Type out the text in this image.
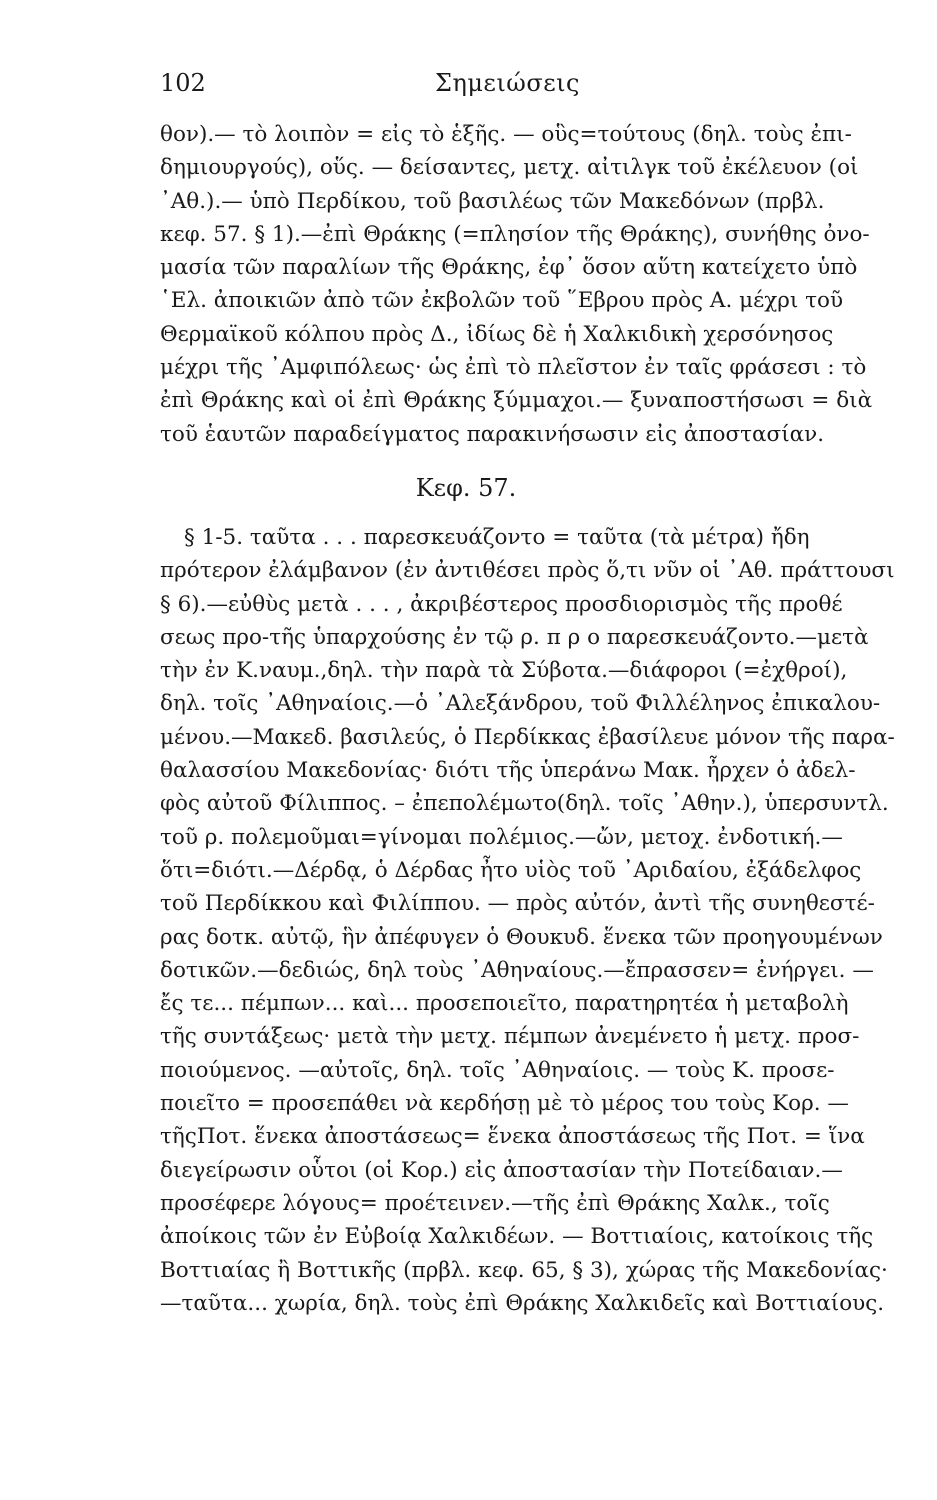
102	Σημειώσεις
θον).— τὸ λοιπὸν = εἰς τὸ ἑξῆς. — οὓς=τούτους (δηλ. τοὺς ἐπι-
δημιουργούς), οὕς. — δείσαντες, μετχ. αἰτιλγκ τοῦ ἐκέλευον (οἱ
᾿Αθ.).— ὑπὸ Περδίκου, τοῦ βασιλέως τῶν Μακεδόνων (πρβλ.
κεφ. 57. § 1).—ἐπὶ Θράκης (=πλησίον τῆς Θράκης), συνήθης ὀνο-
μασία τῶν παραλίων τῆς Θράκης, ἐφ᾿ ὅσον αὕτη κατείχετο ὑπὸ
῾Ελ. ἀποικιῶν ἀπὸ τῶν ἐκβολῶν τοῦ ῞Εβρου πρὸς Α. μέχρι τοῦ
Θερμαϊκοῦ κόλπου πρὸς Δ., ἰδίως δὲ ἡ Χαλκιδικὴ χερσόνησος
μέχρι τῆς ᾿Αμφιπόλεως· ὡς ἐπὶ τὸ πλεῖστον ἐν ταῖς φράσεσι : τὸ
ἐπὶ Θράκης καὶ οἱ ἐπὶ Θράκης ξύμμαχοι.— ξυναποστήσωσι = διὰ
τοῦ ἑαυτῶν παραδείγματος παρακινήσωσιν εἰς ἀποστασίαν.
Κεφ. 57.
§ 1-5. ταῦτα . . . παρεσκευάζοντο = ταῦτα (τὰ μέτρα) ἤδη
πρότερον ἐλάμβανον (ἐν ἀντιθέσει πρὸς ὅ,τι νῦν οἱ ᾿Αθ. πράττουσι
§ 6).—εὐθὺς μετὰ . . . , ἀκριβέστερος προσδιορισμὸς τῆς προθέ
σεως προ-τῆς ὑπαρχούσης ἐν τῷ ρ. π ρ ο παρεσκευάζοντο.—μετὰ
τὴν ἐν Κ.ναυμ.,δηλ. τὴν παρὰ τὰ Σύβοτα.—διάφοροι (=ἐχθροί),
δηλ. τοῖς ᾿Αθηναίοις.—ὁ ᾿Αλεξάνδρου, τοῦ Φιλλέληνος ἐπικαλου-
μένου.—Μακεδ. βασιλεύς, ὁ Περδίκκας ἐβασίλευε μόνον τῆς παρα-
θαλασσίου Μακεδονίας· διότι τῆς ὑπεράνω Μακ. ἦρχεν ὁ ἀδελ-
φὸς αὐτοῦ Φίλιππος. – ἐπεπολέμωτο(δηλ. τοῖς ᾿Αθην.), ὑπερσυντλ.
τοῦ ρ. πολεμοῦμαι=γίνομαι πολέμιος.—ὤν, μετοχ. ἐνδοτική.—
ὅτι=διότι.—Δέρδᾳ, ὁ Δέρδας ἦτο υἱὸς τοῦ ᾿Αριδαίου, ἐξάδελφος
τοῦ Περδίκκου καὶ Φιλίππου. — πρὸς αὐτόν, ἀντὶ τῆς συνηθεστέ-
ρας δοτκ. αὐτῷ, ἣν ἀπέφυγεν ὁ Θουκυδ. ἕνεκα τῶν προηγουμένων
δοτικῶν.—δεδιώς, δηλ τοὺς ᾿Αθηναίους.—ἔπρασσεν= ἐνήργει. —
ἔς τε... πέμπων... καὶ... προσεποιεῖτο, παρατηρητέα ἡ μεταβολὴ
τῆς συντάξεως· μετὰ τὴν μετχ. πέμπων ἀνεμένετο ἡ μετχ. προσ-
ποιούμενος. —αὐτοῖς, δηλ. τοῖς ᾿Αθηναίοις. — τοὺς Κ. προσε-
ποιεῖτο = προσεπάθει νὰ κερδήσῃ μὲ τὸ μέρος του τοὺς Κορ. —
τῆςΠοτ. ἕνεκα ἀποστάσεως= ἕνεκα ἀποστάσεως τῆς Ποτ. = ἵνα
διεγείρωσιν οὗτοι (οἱ Κορ.) εἰς ἀποστασίαν τὴν Ποτείδαιαν.—
προσέφερε λόγους= προέτεινεν.—τῆς ἐπὶ Θράκης Χαλκ., τοῖς
ἀποίκοις τῶν ἐν Εὐβοίᾳ Χαλκιδέων. — Βοττιαίοις, κατοίκοις τῆς
Βοττιαίας ἢ Βοττικῆς (πρβλ. κεφ. 65, § 3), χώρας τῆς Μακεδονίας·
—ταῦτα... χωρία, δηλ. τοὺς ἐπὶ Θράκης Χαλκιδεῖς καὶ Βοττιαίους.
